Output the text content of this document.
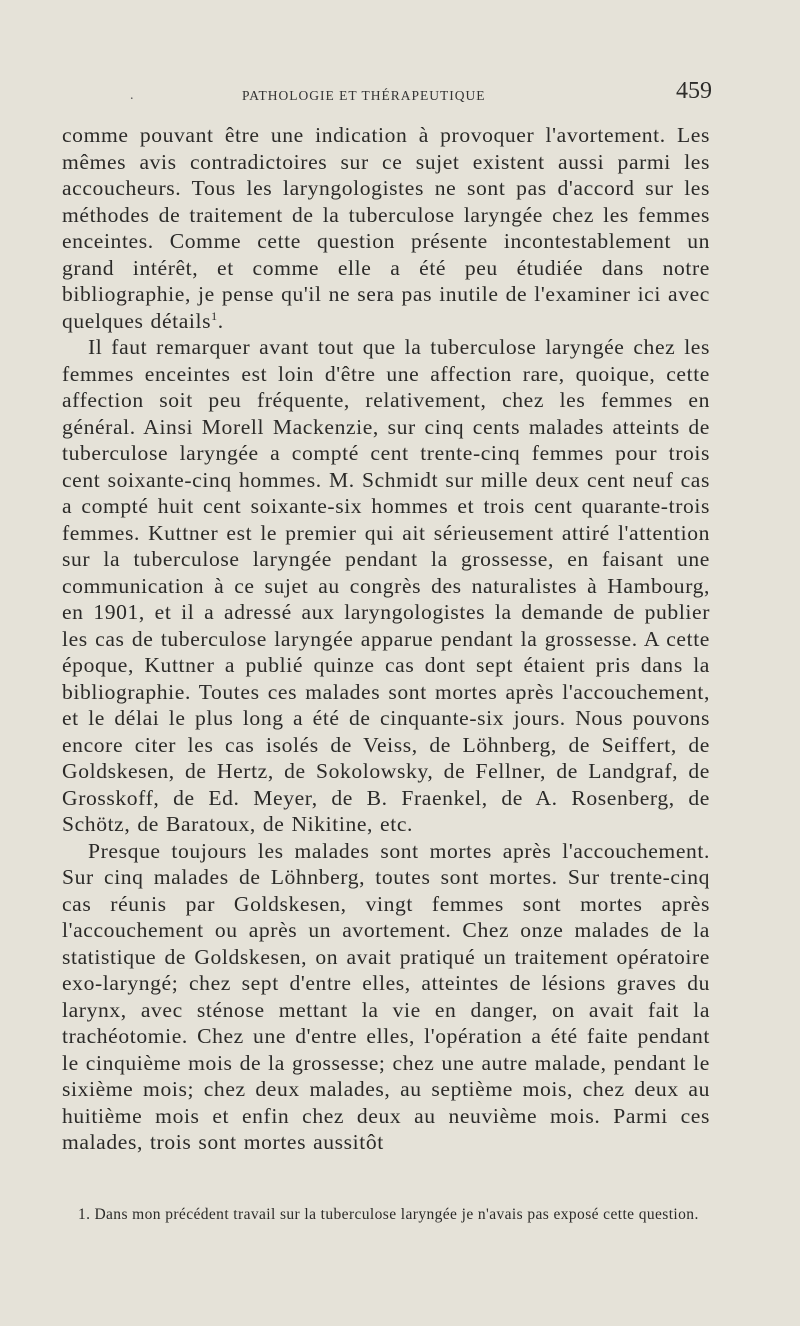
.	PATHOLOGIE ET THÉRAPEUTIQUE	459

comme pouvant être une indication à provoquer l'avortement. Les mêmes avis contradictoires sur ce sujet existent aussi parmi les accoucheurs. Tous les laryngologistes ne sont pas d'accord sur les méthodes de traitement de la tuberculose laryngée chez les femmes enceintes. Comme cette question présente incontestablement un grand intérêt, et comme elle a été peu étudiée dans notre bibliographie, je pense qu'il ne sera pas inutile de l'examiner ici avec quelques détails$^1$.

Il faut remarquer avant tout que la tuberculose laryngée chez les femmes enceintes est loin d'être une affection rare, quoique, cette affection soit peu fréquente, relativement, chez les femmes en général. Ainsi Morell Mackenzie, sur cinq cents malades atteints de tuberculose laryngée a compté cent trente-cinq femmes pour trois cent soixante-cinq hommes. M. Schmidt sur mille deux cent neuf cas a compté huit cent soixante-six hommes et trois cent quarante-trois femmes. Kuttner est le premier qui ait sérieusement attiré l'attention sur la tuberculose laryngée pendant la grossesse, en faisant une communication à ce sujet au congrès des naturalistes à Hambourg, en 1901, et il a adressé aux laryngologistes la demande de publier les cas de tuberculose laryngée apparue pendant la grossesse. A cette époque, Kuttner a publié quinze cas dont sept étaient pris dans la bibliographie. Toutes ces malades sont mortes après l'accouchement, et le délai le plus long a été de cinquante-six jours. Nous pouvons encore citer les cas isolés de Veiss, de Löhnberg, de Seiffert, de Goldskesen, de Hertz, de Sokolowsky, de Fellner, de Landgraf, de Grosskoff, de Ed. Meyer, de B. Fraenkel, de A. Rosenberg, de Schötz, de Baratoux, de Nikitine, etc.

Presque toujours les malades sont mortes après l'accouchement. Sur cinq malades de Löhnberg, toutes sont mortes. Sur trente-cinq cas réunis par Goldskesen, vingt femmes sont mortes après l'accouchement ou après un avortement. Chez onze malades de la statistique de Goldskesen, on avait pratiqué un traitement opératoire exo-laryngé; chez sept d'entre elles, atteintes de lésions graves du larynx, avec sténose mettant la vie en danger, on avait fait la trachéotomie. Chez une d'entre elles, l'opération a été faite pendant le cinquième mois de la grossesse; chez une autre malade, pendant le sixième mois; chez deux malades, au septième mois, chez deux au huitième mois et enfin chez deux au neuvième mois. Parmi ces malades, trois sont mortes aussitôt

1. Dans mon précédent travail sur la tuberculose laryngée je n'avais pas exposé cette question.
